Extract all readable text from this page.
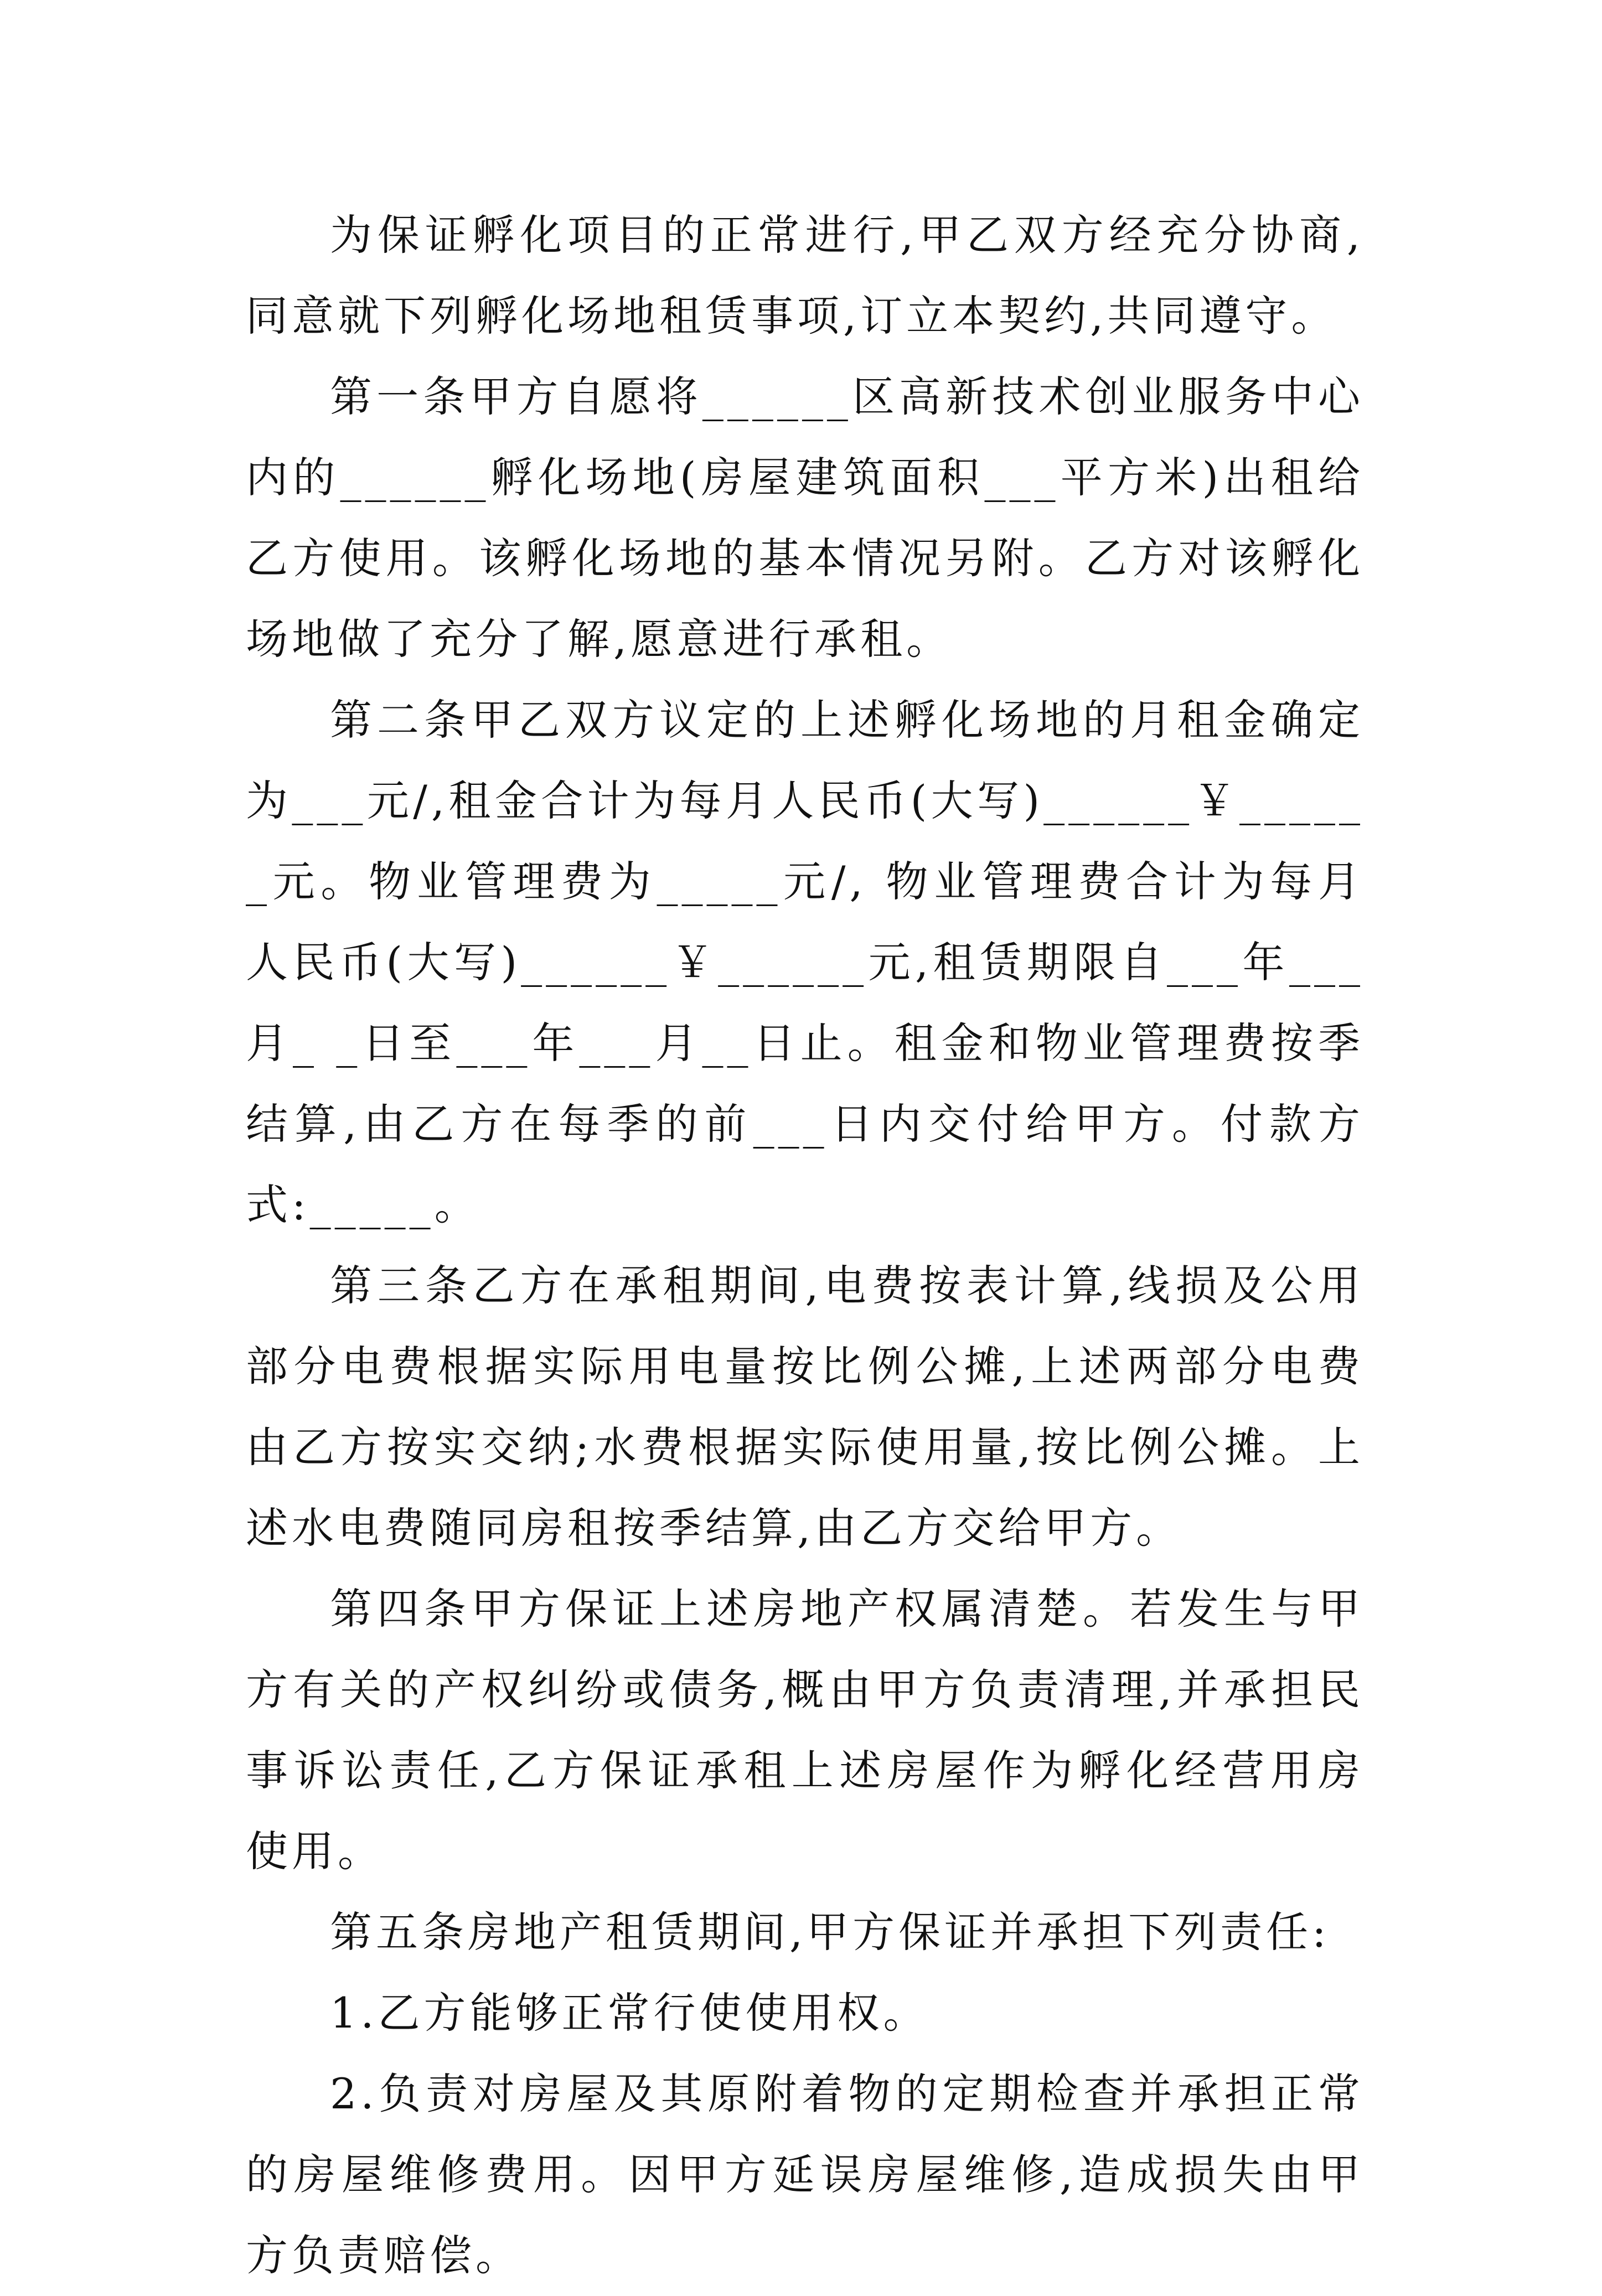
为保证孵化项目的正常进行,甲乙双方经充分协商,同意就下列孵化场地租赁事项,订立本契约,共同遵守。

第一条甲方自愿将______区高新技术创业服务中心内的______孵化场地(房屋建筑面积___平方米)出租给乙方使用。该孵化场地的基本情况另附。乙方对该孵化场地做了充分了解,愿意进行承租。

第二条甲乙双方议定的上述孵化场地的月租金确定为___元/,租金合计为每月人民币(大写)______￥______元。物业管理费为_____元/, 物业管理费合计为每月人民币(大写)______￥______元,租赁期限自___年___月_ _日至___年___月__日止。租金和物业管理费按季结算,由乙方在每季的前___日内交付给甲方。付款方式:_____。

第三条乙方在承租期间,电费按表计算,线损及公用部分电费根据实际用电量按比例公摊,上述两部分电费由乙方按实交纳;水费根据实际使用量,按比例公摊。上述水电费随同房租按季结算,由乙方交给甲方。

第四条甲方保证上述房地产权属清楚。若发生与甲方有关的产权纠纷或债务,概由甲方负责清理,并承担民事诉讼责任,乙方保证承租上述房屋作为孵化经营用房使用。

第五条房地产租赁期间,甲方保证并承担下列责任:

1.乙方能够正常行使使用权。

2.负责对房屋及其原附着物的定期检查并承担正常的房屋维修费用。因甲方延误房屋维修,造成损失由甲方负责赔偿。
